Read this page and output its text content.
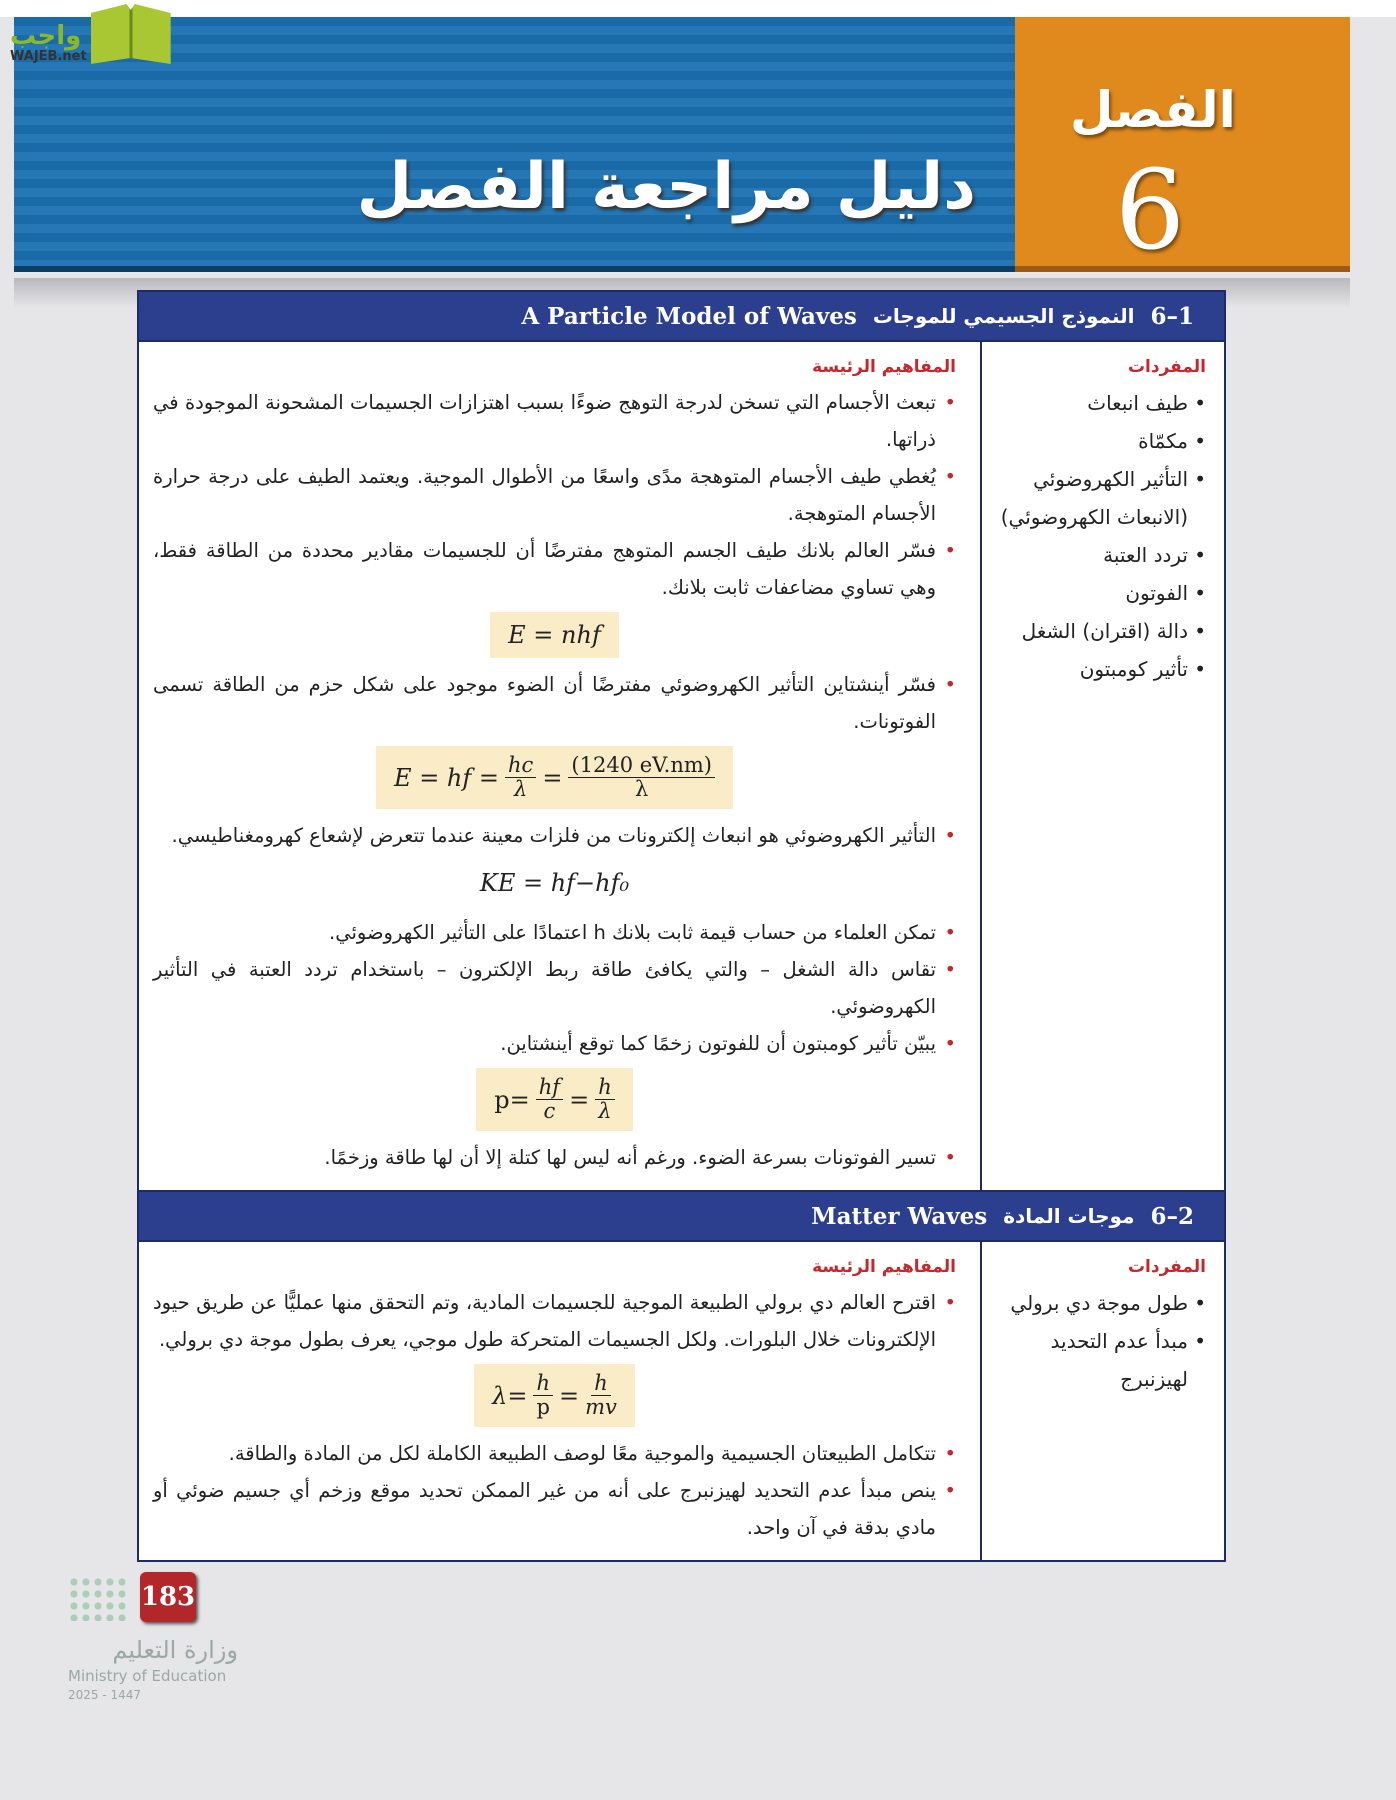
واجب
WAJEB.net
دليل مراجعة الفصل
الفصل
6
A Particle Model of Waves النموذج الجسيمي للموجات 6–1
المفردات
• طيف انبعاث
• مكمّاة
• التأثير الكهروضوئي (الانبعاث الكهروضوئي)
• تردد العتبة
• الفوتون
• دالة (اقتران) الشغل
• تأثير كومبتون
المفاهيم الرئيسة
• تبعث الأجسام التي تسخن لدرجة التوهج ضوءًا بسبب اهتزازات الجسيمات المشحونة الموجودة في ذراتها.
• يُغطي طيف الأجسام المتوهجة مدًى واسعًا من الأطوال الموجية. ويعتمد الطيف على درجة حرارة الأجسام المتوهجة.
• فسّر العالم بلانك طيف الجسم المتوهج مفترضًا أن للجسيمات مقادير محددة من الطاقة فقط، وهي تساوي مضاعفات ثابت بلانك.
E = nhf
• فسّر أينشتاين التأثير الكهروضوئي مفترضًا أن الضوء موجود على شكل حزم من الطاقة تسمى الفوتونات.
E = hf = $\frac{hc}{\lambda} = \frac{(1240 eV.nm)}{\lambda}$
• التأثير الكهروضوئي هو انبعاث إلكترونات من فلزات معينة عندما تتعرض لإشعاع كهرومغناطيسي.
KE = hf−hf₀
• تمكن العلماء من حساب قيمة ثابت بلانك h اعتمادًا على التأثير الكهروضوئي.
• تقاس دالة الشغل – والتي يكافئ طاقة ربط الإلكترون – باستخدام تردد العتبة في التأثير الكهروضوئي.
• يبيّن تأثير كومبتون أن للفوتون زخمًا كما توقع أينشتاين.
$p= \frac{hf}{c} = \frac{h}{\lambda}$
• تسير الفوتونات بسرعة الضوء. ورغم أنه ليس لها كتلة إلا أن لها طاقة وزخمًا.
Matter Waves موجات المادة 6–2
المفردات
• طول موجة دي برولي
• مبدأ عدم التحديد لهيزنبرج
المفاهيم الرئيسة
• اقترح العالم دي برولي الطبيعة الموجية للجسيمات المادية، وتم التحقق منها عمليًّا عن طريق حيود الإلكترونات خلال البلورات. ولكل الجسيمات المتحركة طول موجي، يعرف بطول موجة دي برولي.
$\lambda= \frac{h}{p} = \frac{h}{mv}$
• تتكامل الطبيعتان الجسيمية والموجية معًا لوصف الطبيعة الكاملة لكل من المادة والطاقة.
• ينص مبدأ عدم التحديد لهيزنبرج على أنه من غير الممكن تحديد موقع وزخم أي جسيم ضوئي أو مادي بدقة في آن واحد.
183
وزارة التعليم
Ministry of Education
2025 - 1447
